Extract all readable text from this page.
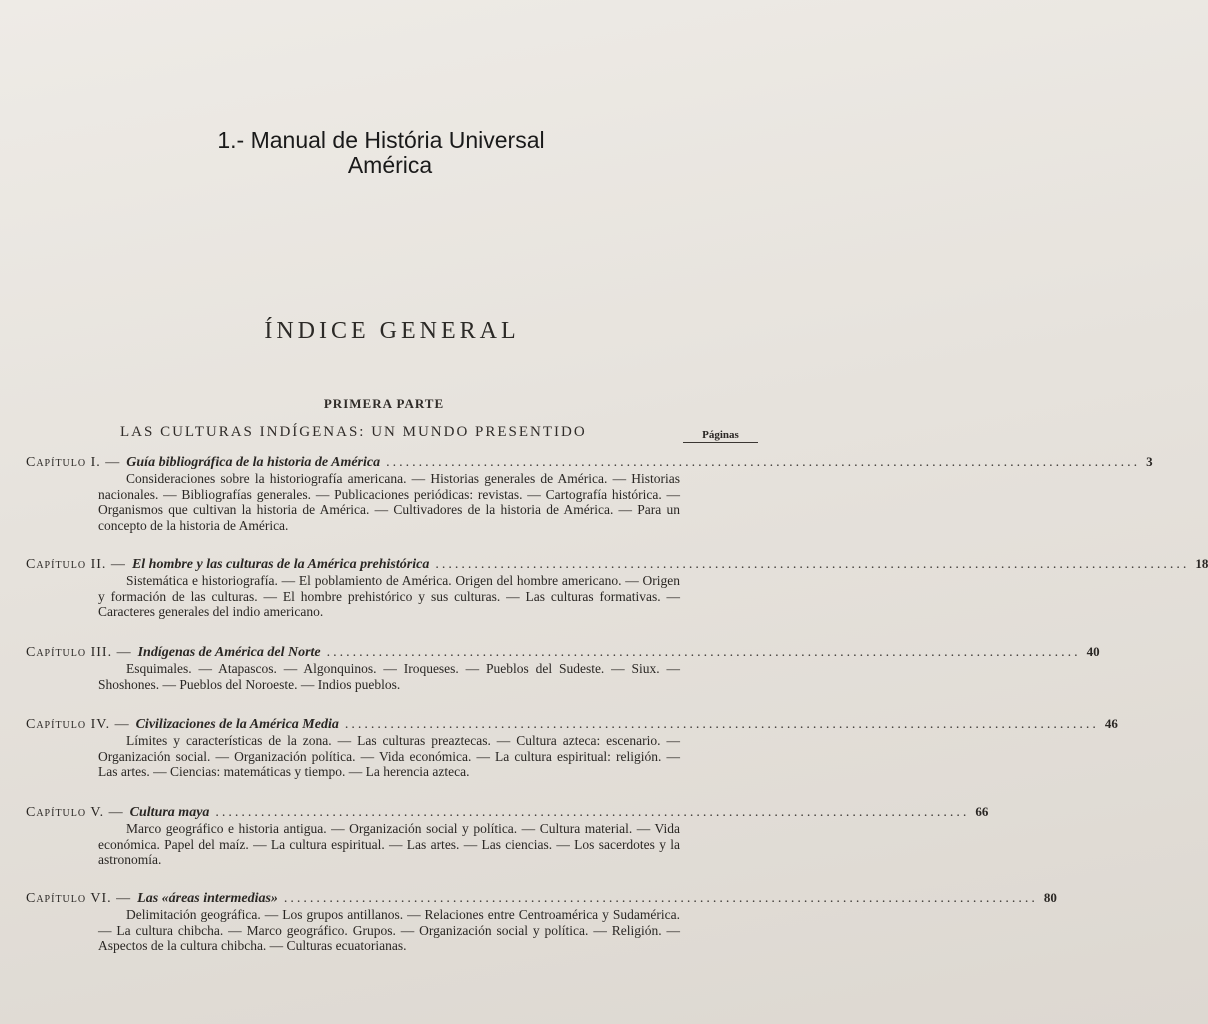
1.- Manual de História Universal
América
ÍNDICE GENERAL
PRIMERA PARTE
LAS CULTURAS INDÍGENAS: UN MUNDO PRESENTIDO	Páginas
Capítulo I. — Guía bibliográfica de la historia de América .................................................................................................................... 3

Consideraciones sobre la historiografía americana. — Historias generales de América. — Historias nacionales. — Bibliografías generales. — Publicaciones periódicas: revistas. — Cartografía histórica. — Organismos que cultivan la historia de América. — Cultivadores de la historia de América. — Para un concepto de la historia de América.

Capítulo II. — El hombre y las culturas de la América prehistórica .................................................................................................................... 18

Sistemática e historiografía. — El poblamiento de América. Origen del hombre americano. — Origen y formación de las culturas. — El hombre prehistórico y sus culturas. — Las culturas formativas. — Caracteres generales del indio americano.

Capítulo III. — Indígenas de América del Norte .................................................................................................................... 40

Esquimales. — Atapascos. — Algonquinos. — Iroqueses. — Pueblos del Sudeste. — Siux. — Shoshones. — Pueblos del Noroeste. — Indios pueblos.

Capítulo IV. — Civilizaciones de la América Media .................................................................................................................... 46

Límites y características de la zona. — Las culturas preaztecas. — Cultura azteca: escenario. — Organización social. — Organización política. — Vida económica. — La cultura espiritual: religión. — Las artes. — Ciencias: matemáticas y tiempo. — La herencia azteca.

Capítulo V. — Cultura maya .................................................................................................................... 66

Marco geográfico e historia antigua. — Organización social y política. — Cultura material. — Vida económica. Papel del maíz. — La cultura espiritual. — Las artes. — Las ciencias. — Los sacerdotes y la astronomía.

Capítulo VI. — Las «áreas intermedias» .................................................................................................................... 80

Delimitación geográfica. — Los grupos antillanos. — Relaciones entre Centroamérica y Sudamérica. — La cultura chibcha. — Marco geográfico. Grupos. — Organización social y política. — Religión. — Aspectos de la cultura chibcha. — Culturas ecuatorianas.
